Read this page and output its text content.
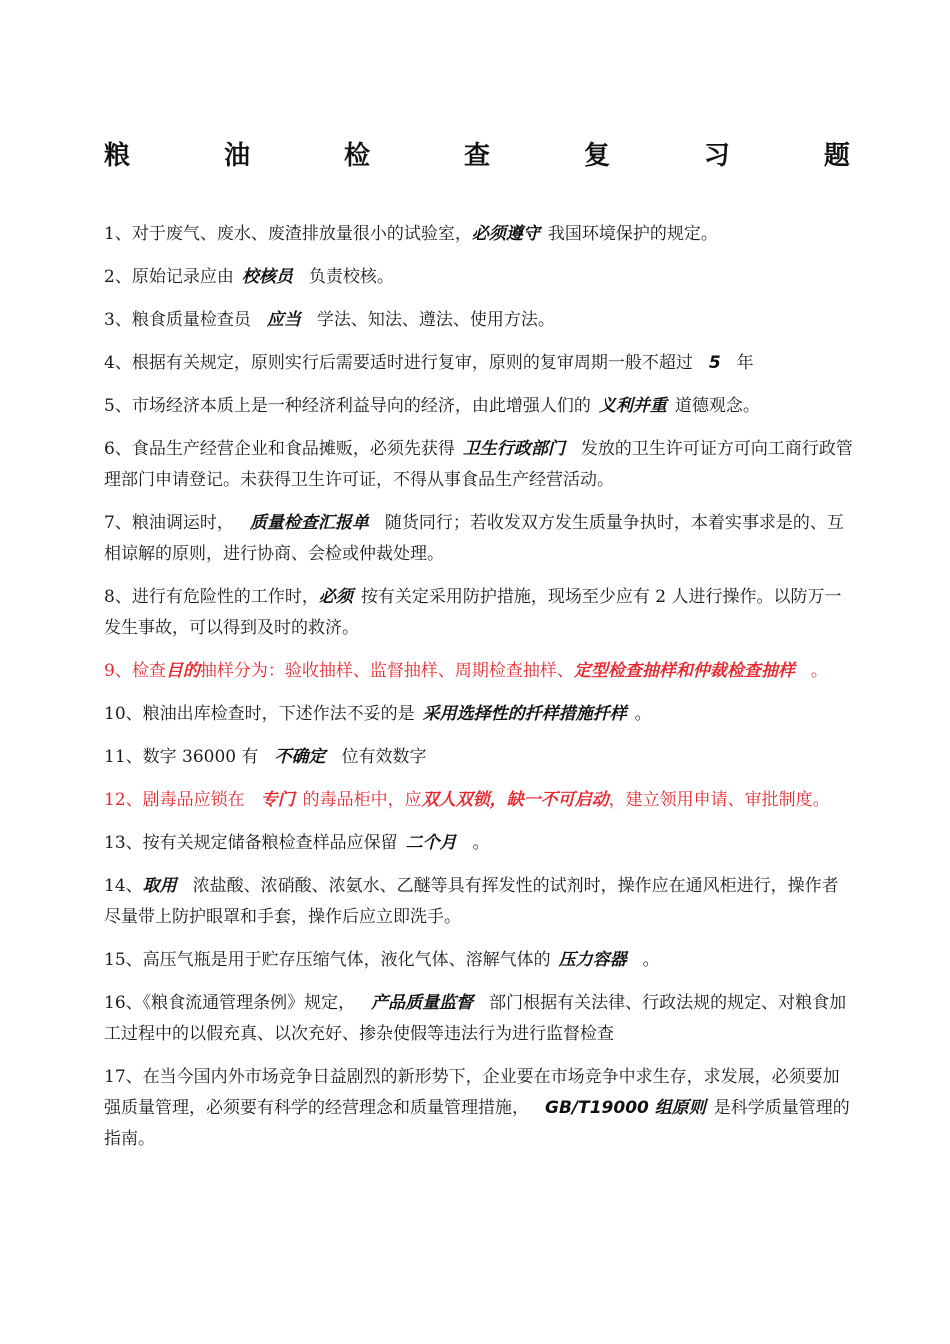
粮	油	检	查	复	习	题

1、对于废气、废水、废渣排放量很小的试验室，必须遵守 我国环境保护的规定。

2、原始记录应由 校核员 负责校核。

3、粮食质量检查员 应当 学法、知法、遵法、使用方法。

4、根据有关规定，原则实行后需要适时进行复审，原则的复审周期一般不超过 5 年

5、市场经济本质上是一种经济利益导向的经济，由此增强人们的 义利并重 道德观念。

6、食品生产经营企业和食品摊贩，必须先获得 卫生行政部门 发放的卫生许可证方可向工商行政管理部门申请登记。未获得卫生许可证，不得从事食品生产经营活动。

7、粮油调运时， 质量检查汇报单 随货同行；若收发双方发生质量争执时，本着实事求是的、互相谅解的原则，进行协商、会检或仲裁处理。

8、进行有危险性的工作时，必须 按有关定采用防护措施，现场至少应有 2 人进行操作。以防万一发生事故，可以得到及时的救济。

9、检查目的抽样分为：验收抽样、监督抽样、周期检查抽样、定型检查抽样和仲裁检查抽样 。

10、粮油出库检查时，下述作法不妥的是 采用选择性的扦样措施扦样 。

11、数字 36000 有 不确定 位有效数字

12、剧毒品应锁在 专门 的毒品柜中，应双人双锁，缺一不可启动，建立领用申请、审批制度。

13、按有关规定储备粮检查样品应保留 二个月 。

14、取用 浓盐酸、浓硝酸、浓氨水、乙醚等具有挥发性的试剂时，操作应在通风柜进行，操作者尽量带上防护眼罩和手套，操作后应立即洗手。

15、高压气瓶是用于贮存压缩气体，液化气体、溶解气体的 压力容器 。

16、《粮食流通管理条例》规定， 产品质量监督 部门根据有关法律、行政法规的规定、对粮食加工过程中的以假充真、以次充好、掺杂使假等违法行为进行监督检查

17、在当今国内外市场竞争日益剧烈的新形势下，企业要在市场竞争中求生存，求发展，必须要加强质量管理，必须要有科学的经营理念和质量管理措施， GB/T19000 组原则 是科学质量管理的指南。
